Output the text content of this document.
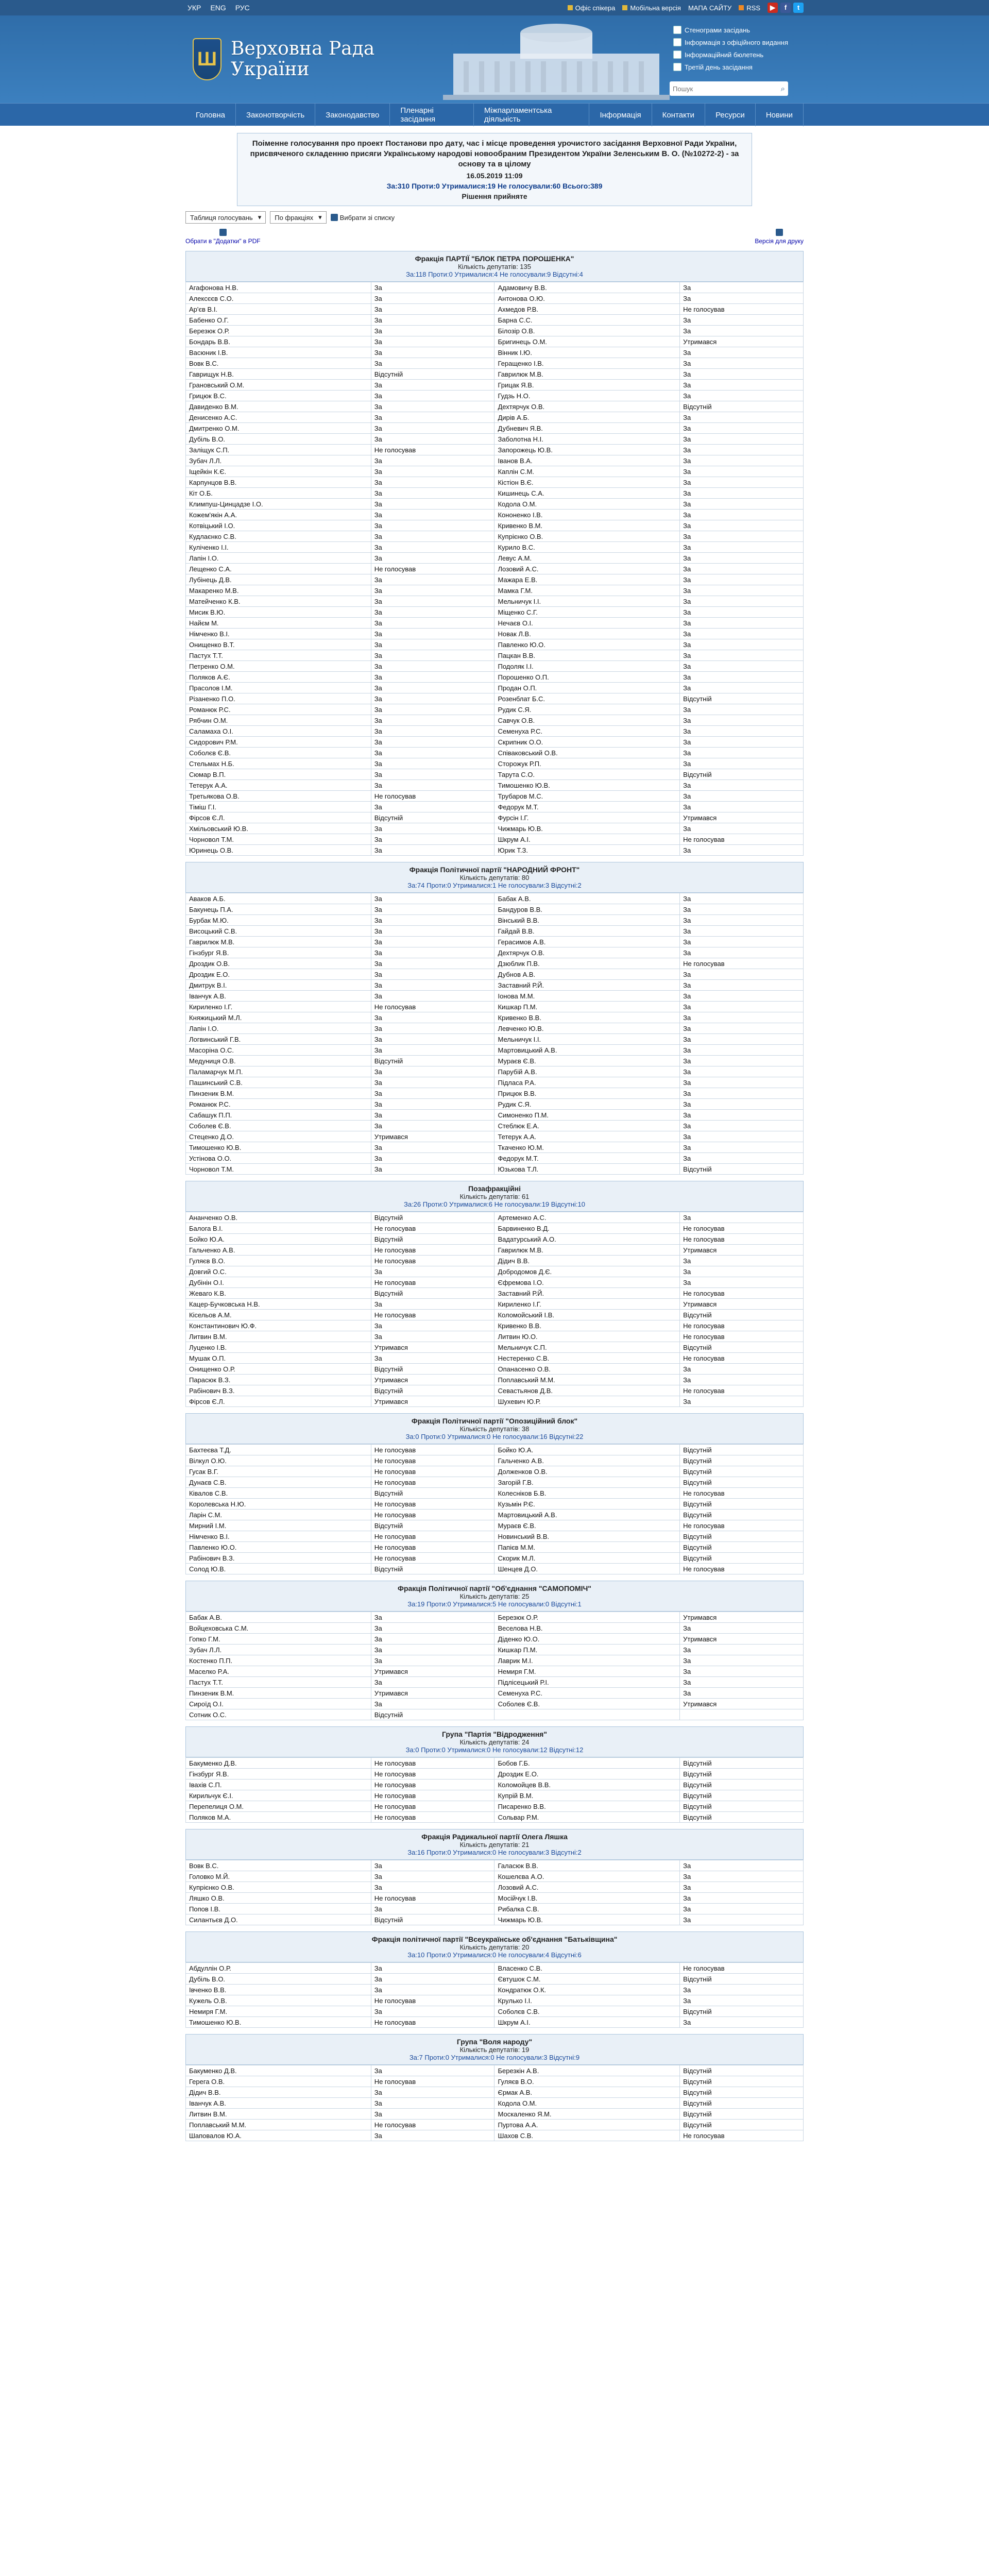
УКР ENG РУС	Офіс спікера Мобільна версія МАПА САЙТУ RSS	▶	f	t
Ш Верховна Рада
України
Стенограми засідань
Інформація з офіційного видання
Інформаційний бюлетень
Третій день засідання
Пошук
⌕
Головна	Законотворчість	Законодавство	Пленарні засідання
Міжпарламентська діяльність	Інформація	Контакти	Ресурси	Новини
Поіменне голосування про проект Постанови про дату, час і місце проведення урочистого засідання Верховної Ради України, присвяченого складенню присяги Українському народові новообраним Президентом України Зеленським В. О. (№10272-2) - за основу та в цілому
16.05.2019 11:09
За:310 Проти:0 Утрималися:19 Не голосували:60 Всього:389
Рішення прийняте
Таблиця голосувань ▾ По фракціях ▾	Вибрати зі списку
Обрати в "Додатки" в PDF	Версія для друку
Фракція ПАРТІЇ "БЛОК ПЕТРА ПОРОШЕНКА"
Кількість депутатів: 135
За:118 Проти:0 Утрималися:4 Не голосували:9 Відсутні:4
Агафонова Н.В.	За	Адамовичу В.В.	За
Алексєєв С.О.	За	Антонова О.Ю.	За
Ар'єв В.І.	За	Ахмедов Р.В.	Не голосував
Бабенко О.Г.	За	Барна С.С.	За
Березюк О.Р.	За	Білозір О.В.	За
Бондарь В.В.	За	Бригинець О.М.	Утримався
Васюник І.В.	За	Вінник І.Ю.	За
Вовк В.С.	За	Геращенко І.В.	За
Гаврищук Н.В.	Відсутній	Гаврилюк М.В.	За
Грановський О.М.	За	Грицак Я.В.	За
Грицюк В.С.	За	Гудзь Н.О.	За
Давиденко В.М.	За	Дехтярчук О.В.	Відсутній
Денисенко А.С.	За	Дирів А.Б.	За
Дмитренко О.М.	За	Дубневич Я.В.	За
Дубіль В.О.	За	Заболотна Н.І.	За
Заліщук С.П.	Не голосував	Запорожець Ю.В.	За
Зубач Л.Л.	За	Іванов В.А.	За
Іщейкін К.Є.	За	Каплін С.М.	За
Карпунцов В.В.	За	Кістіон В.Є.	За
Кіт О.Б.	За	Кишинець С.А.	За
Климпуш-Цинцадзе І.О.	За	Кодола О.М.	За
Кожем'якін А.А.	За	Кононенко І.В.	За
Котвіцький І.О.	За	Кривенко В.М.	За
Кудлаєнко С.В.	За	Купрієнко О.В.	За
Куліченко І.І.	За	Курило В.С.	За
Лапін І.О.	За	Левус А.М.	За
Лещенко С.А.	Не голосував	Лозовий А.С.	За
Лубінець Д.В.	За	Мажара Е.В.	За
Макаренко М.В.	За	Мамка Г.М.	За
Матейченко К.В.	За	Мельничук І.І.	За
Мисик В.Ю.	За	Міщенко С.Г.	За
Найєм М.	За	Нечаєв О.І.	За
Німченко В.І.	За	Новак Л.В.	За
Онищенко В.Т.	За	Павленко Ю.О.	За
Пастух Т.Т.	За	Пацкан В.В.	За
Петренко О.М.	За	Подоляк І.І.	За
Поляков А.Є.	За	Порошенко О.П.	За
Прасолов І.М.	За	Продан О.П.	За
Різаненко П.О.	За	Розенблат Б.С.	Відсутній
Романюк Р.С.	За	Рудик С.Я.	За
Рябчин О.М.	За	Савчук О.В.	За
Саламаха О.І.	За	Семенуха Р.С.	За
Сидорович Р.М.	За	Скрипник О.О.	За
Соболєв Є.В.	За	Співаковський О.В.	За
Стельмах Н.Б.	За	Сторожук Р.П.	За
Сюмар В.П.	За	Тарута С.О.	Відсутній
Тетерук А.А.	За	Тимошенко Ю.В.	За
Третьякова О.В.	Не голосував	Трубаров М.С.	За
Тіміш Г.І.	За	Федорук М.Т.	За
Фірсов Є.Л.	Відсутній	Фурсін І.Г.	Утримався
Хмільовський Ю.В.	За	Чижмарь Ю.В.	За
Чорновол Т.М.	За	Шкрум А.І.	Не голосував
Юринець О.В.	За	Юрик Т.З.	За
Фракція Політичної партії "НАРОДНИЙ ФРОНТ"
Кількість депутатів: 80
За:74 Проти:0 Утрималися:1 Не голосували:3 Відсутні:2
Аваков А.Б.	За	Бабак А.В.	За
Бакунець П.А.	За	Бандуров В.В.	За
Бурбак М.Ю.	За	Вінський В.В.	За
Висоцький С.В.	За	Гайдай В.В.	За
Гаврилюк М.В.	За	Герасимов А.В.	За
Гінзбург Я.В.	За	Дехтярчук О.В.	За
Дроздик О.В.	За	Дзюблик П.В.	Не голосував
Дроздик Е.О.	За	Дубнов А.В.	За
Дмитрук В.І.	За	Заставний Р.Й.	За
Іванчук А.В.	За	Іонова М.М.	За
Кириленко І.Г.	Не голосував	Кишкар П.М.	За
Княжицький М.Л.	За	Кривенко В.В.	За
Лапін І.О.	За	Левченко Ю.В.	За
Логвинський Г.В.	За	Мельничук І.І.	За
Масоріна О.С.	За	Мартовицький А.В.	За
Медуниця О.В.	Відсутній	Мураєв Є.В.	За
Паламарчук М.П.	За	Парубій А.В.	За
Пашинський С.В.	За	Підласа Р.А.	За
Пинзеник В.М.	За	Прицюк В.В.	За
Романюк Р.С.	За	Рудик С.Я.	За
Сабашук П.П.	За	Симоненко П.М.	За
Соболев Є.В.	За	Стеблюк Е.А.	За
Стеценко Д.О.	Утримався	Тетерук А.А.	За
Тимошенко Ю.В.	За	Ткаченко Ю.М.	За
Устінова О.О.	За	Федорук М.Т.	За
Чорновол Т.М.	За	Юзькова Т.Л.	Відсутній
Позафракційні
Кількість депутатів: 61
За:26 Проти:0 Утрималися:6 Не голосували:19 Відсутні:10
Ананченко О.В.	Відсутній	Артеменко А.С.	За
Балога В.І.	Не голосував	Барвиненко В.Д.	Не голосував
Бойко Ю.А.	Відсутній	Вадатурський А.О.	Не голосував
Гальченко А.В.	Не голосував	Гаврилюк М.В.	Утримався
Гуляєв В.О.	Не голосував	Дідич В.В.	За
Довгий О.С.	За	Добродомов Д.Є.	За
Дубінін О.І.	Не голосував	Єфремова І.О.	За
Жеваго К.В.	Відсутній	Заставний Р.Й.	Не голосував
Кацер-Бучковська Н.В.	За	Кириленко І.Г.	Утримався
Кісельов А.М.	Не голосував	Коломойський І.В.	Відсутній
Константинович Ю.Ф.	За	Кривенко В.В.	Не голосував
Литвин В.М.	За	Литвин Ю.О.	Не голосував
Луценко І.В.	Утримався	Мельничук С.П.	Відсутній
Мушак О.П.	За	Нестеренко С.В.	Не голосував
Онищенко О.Р.	Відсутній	Опанасенко О.В.	За
Парасюк В.З.	Утримався	Поплавський М.М.	За
Рабінович В.З.	Відсутній	Севастьянов Д.В.	Не голосував
Фірсов Є.Л.	Утримався	Шухевич Ю.Р.	За
Фракція Політичної партії "Опозиційний блок"
Кількість депутатів: 38
За:0 Проти:0 Утрималися:0 Не голосували:16 Відсутні:22
Бахтеєва Т.Д.	Не голосував	Бойко Ю.А.	Відсутній
Вілкул О.Ю.	Не голосував	Гальченко А.В.	Відсутній
Гусак В.Г.	Не голосував	Долженков О.В.	Відсутній
Дунаєв С.В.	Не голосував	Загорій Г.В.	Відсутній
Ківалов С.В.	Відсутній	Колесніков Б.В.	Не голосував
Королевська Н.Ю.	Не голосував	Кузьмін Р.Є.	Відсутній
Ларін С.М.	Не голосував	Мартовицький А.В.	Відсутній
Мирний І.М.	Відсутній	Мураєв Є.В.	Не голосував
Німченко В.І.	Не голосував	Новинський В.В.	Відсутній
Павленко Ю.О.	Не голосував	Папієв М.М.	Відсутній
Рабінович В.З.	Не голосував	Скорик М.Л.	Відсутній
Солод Ю.В.	Відсутній	Шенцев Д.О.	Не голосував
Фракція Політичної партії "Об'єднання "САМОПОМІЧ"
Кількість депутатів: 25
За:19 Проти:0 Утрималися:5 Не голосували:0 Відсутні:1
Бабак А.В.	За	Березюк О.Р.	Утримався
Войцеховська С.М.	За	Веселова Н.В.	За
Гопко Г.М.	За	Діденко Ю.О.	Утримався
Зубач Л.Л.	За	Кишкар П.М.	За
Костенко П.П.	За	Лаврик М.І.	За
Маселко Р.А.	Утримався	Немиря Г.М.	За
Пастух Т.Т.	За	Підлісецький Р.І.	За
Пинзеник В.М.	Утримався	Семенуха Р.С.	За
Сироїд О.І.	За	Соболев Є.В.	Утримався
Сотник О.С.	Відсутній		
Група "Партія "Відродження"
Кількість депутатів: 24
За:0 Проти:0 Утрималися:0 Не голосували:12 Відсутні:12
Бакуменко Д.В.	Не голосував	Бобов Г.Б.	Відсутній
Гінзбург Я.В.	Не голосував	Дроздик Е.О.	Відсутній
Івахів С.П.	Не голосував	Коломойцев В.В.	Відсутній
Кирильчук Є.І.	Не голосував	Купрій В.М.	Відсутній
Перепелиця О.М.	Не голосував	Писаренко В.В.	Відсутній
Поляков М.А.	Не голосував	Сольвар Р.М.	Відсутній
Фракція Радикальної партії Олега Ляшка
Кількість депутатів: 21
За:16 Проти:0 Утрималися:0 Не голосували:3 Відсутні:2
Вовк В.С.	За	Галасюк В.В.	За
Головко М.Й.	За	Кошелєва А.О.	За
Купрієнко О.В.	За	Лозовий А.С.	За
Ляшко О.В.	Не голосував	Мосійчук І.В.	За
Попов І.В.	За	Рибалка С.В.	За
Силантьєв Д.О.	Відсутній	Чижмарь Ю.В.	За
Фракція політичної партії "Всеукраїнське об'єднання "Батьківщина"
Кількість депутатів: 20
За:10 Проти:0 Утрималися:0 Не голосували:4 Відсутні:6
Абдуллін О.Р.	За	Власенко С.В.	Не голосував
Дубіль В.О.	За	Євтушок С.М.	Відсутній
Івченко В.В.	За	Кондратюк О.К.	За
Кужель О.В.	Не голосував	Крулько І.І.	За
Немиря Г.М.	За	Соболєв С.В.	Відсутній
Тимошенко Ю.В.	Не голосував	Шкрум А.І.	За
Група "Воля народу"
Кількість депутатів: 19
За:7 Проти:0 Утрималися:0 Не голосували:3 Відсутні:9
Бакуменко Д.В.	За	Березкін А.В.	Відсутній
Герега О.В.	Не голосував	Гуляєв В.О.	Відсутній
Дідич В.В.	За	Єрмак А.В.	Відсутній
Іванчук А.В.	За	Кодола О.М.	Відсутній
Литвин В.М.	За	Москаленко Я.М.	Відсутній
Поплавський М.М.	Не голосував	Пуртова А.А.	Відсутній
Шаповалов Ю.А.	За	Шахов С.В.	Не голосував
